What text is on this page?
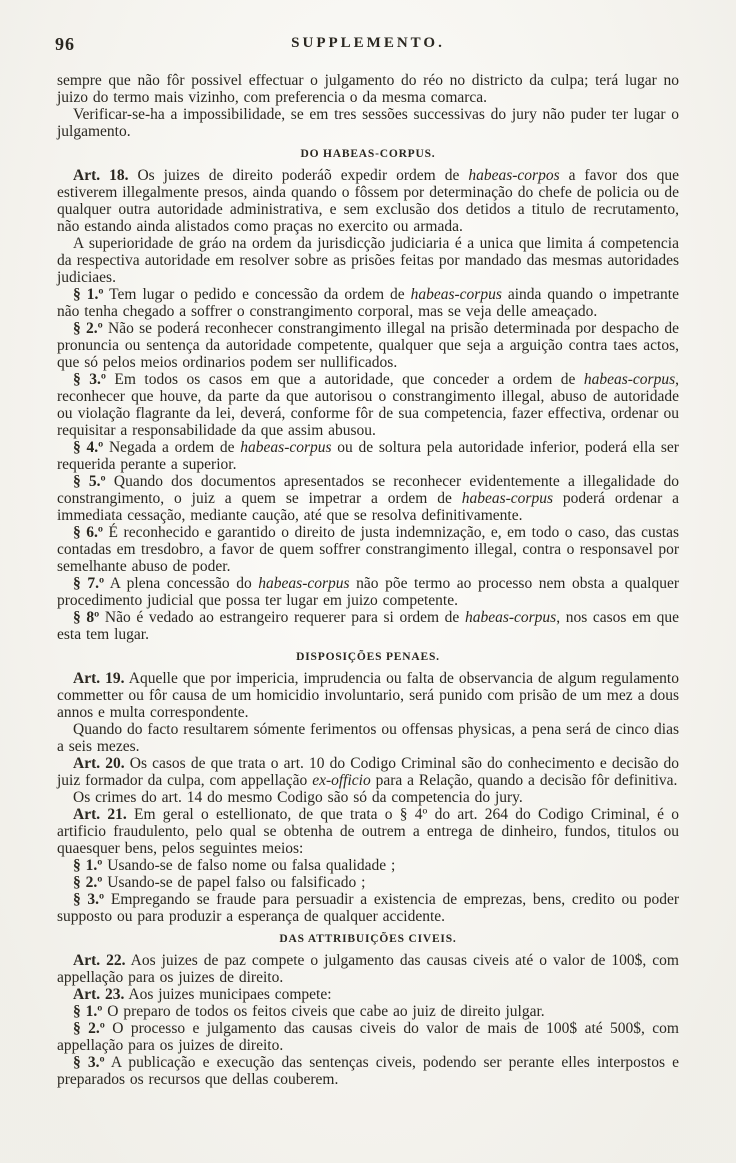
96	SUPPLEMENTO.

sempre que não fôr possivel effectuar o julgamento do réo no districto da culpa; terá lugar no juizo do termo mais vizinho, com preferencia o da mesma comarca.

Verificar-se-ha a impossibilidade, se em tres sessões successivas do jury não puder ter lugar o julgamento.

DO HABEAS-CORPUS.

Art. 18. Os juizes de direito poderáõ expedir ordem de habeas-corpos a favor dos que estiverem illegalmente presos, ainda quando o fôssem por determinação do chefe de policia ou de qualquer outra autoridade administrativa, e sem exclusão dos detidos a titulo de recrutamento, não estando ainda alistados como praças no exercito ou armada.

A superioridade de gráo na ordem da jurisdicção judiciaria é a unica que limita á competencia da respectiva autoridade em resolver sobre as prisões feitas por mandado das mesmas autoridades judiciaes.

§ 1.º Tem lugar o pedido e concessão da ordem de habeas-corpus ainda quando o impetrante não tenha chegado a soffrer o constrangimento corporal, mas se veja delle ameaçado.

§ 2.º Não se poderá reconhecer constrangimento illegal na prisão determinada por despacho de pronuncia ou sentença da autoridade competente, qualquer que seja a arguição contra taes actos, que só pelos meios ordinarios podem ser nullificados.

§ 3.º Em todos os casos em que a autoridade, que conceder a ordem de habeas-corpus, reconhecer que houve, da parte da que autorisou o constrangimento illegal, abuso de autoridade ou violação flagrante da lei, deverá, conforme fôr de sua competencia, fazer effectiva, ordenar ou requisitar a responsabilidade da que assim abusou.

§ 4.º Negada a ordem de habeas-corpus ou de soltura pela autoridade inferior, poderá ella ser requerida perante a superior.

§ 5.º Quando dos documentos apresentados se reconhecer evidentemente a illegalidade do constrangimento, o juiz a quem se impetrar a ordem de habeas-corpus poderá ordenar a immediata cessação, mediante caução, até que se resolva definitivamente.

§ 6.º É reconhecido e garantido o direito de justa indemnização, e, em todo o caso, das custas contadas em tresdobro, a favor de quem soffrer constrangimento illegal, contra o responsavel por semelhante abuso de poder.

§ 7.º A plena concessão do habeas-corpus não põe termo ao processo nem obsta a qualquer procedimento judicial que possa ter lugar em juizo competente.

§ 8º Não é vedado ao estrangeiro requerer para si ordem de habeas-corpus, nos casos em que esta tem lugar.

DISPOSIÇÕES PENAES.

Art. 19. Aquelle que por impericia, imprudencia ou falta de observancia de algum regulamento commetter ou fôr causa de um homicidio involuntario, será punido com prisão de um mez a dous annos e multa correspondente.

Quando do facto resultarem sómente ferimentos ou offensas physicas, a pena será de cinco dias a seis mezes.

Art. 20. Os casos de que trata o art. 10 do Codigo Criminal são do conhecimento e decisão do juiz formador da culpa, com appellação ex-officio para a Relação, quando a decisão fôr definitiva.

Os crimes do art. 14 do mesmo Codigo são só da competencia do jury.

Art. 21. Em geral o estellionato, de que trata o § 4º do art. 264 do Codigo Criminal, é o artificio fraudulento, pelo qual se obtenha de outrem a entrega de dinheiro, fundos, titulos ou quaesquer bens, pelos seguintes meios:

§ 1.º Usando-se de falso nome ou falsa qualidade ;

§ 2.º Usando-se de papel falso ou falsificado ;

§ 3.º Empregando se fraude para persuadir a existencia de emprezas, bens, credito ou poder supposto ou para produzir a esperança de qualquer accidente.

DAS ATTRIBUIÇÕES CIVEIS.

Art. 22. Aos juizes de paz compete o julgamento das causas civeis até o valor de 100$, com appellação para os juizes de direito.

Art. 23. Aos juizes municipaes compete:

§ 1.º O preparo de todos os feitos civeis que cabe ao juiz de direito julgar.

§ 2.º O processo e julgamento das causas civeis do valor de mais de 100$ até 500$, com appellação para os juizes de direito.

§ 3.º A publicação e execução das sentenças civeis, podendo ser perante elles interpostos e preparados os recursos que dellas couberem.
